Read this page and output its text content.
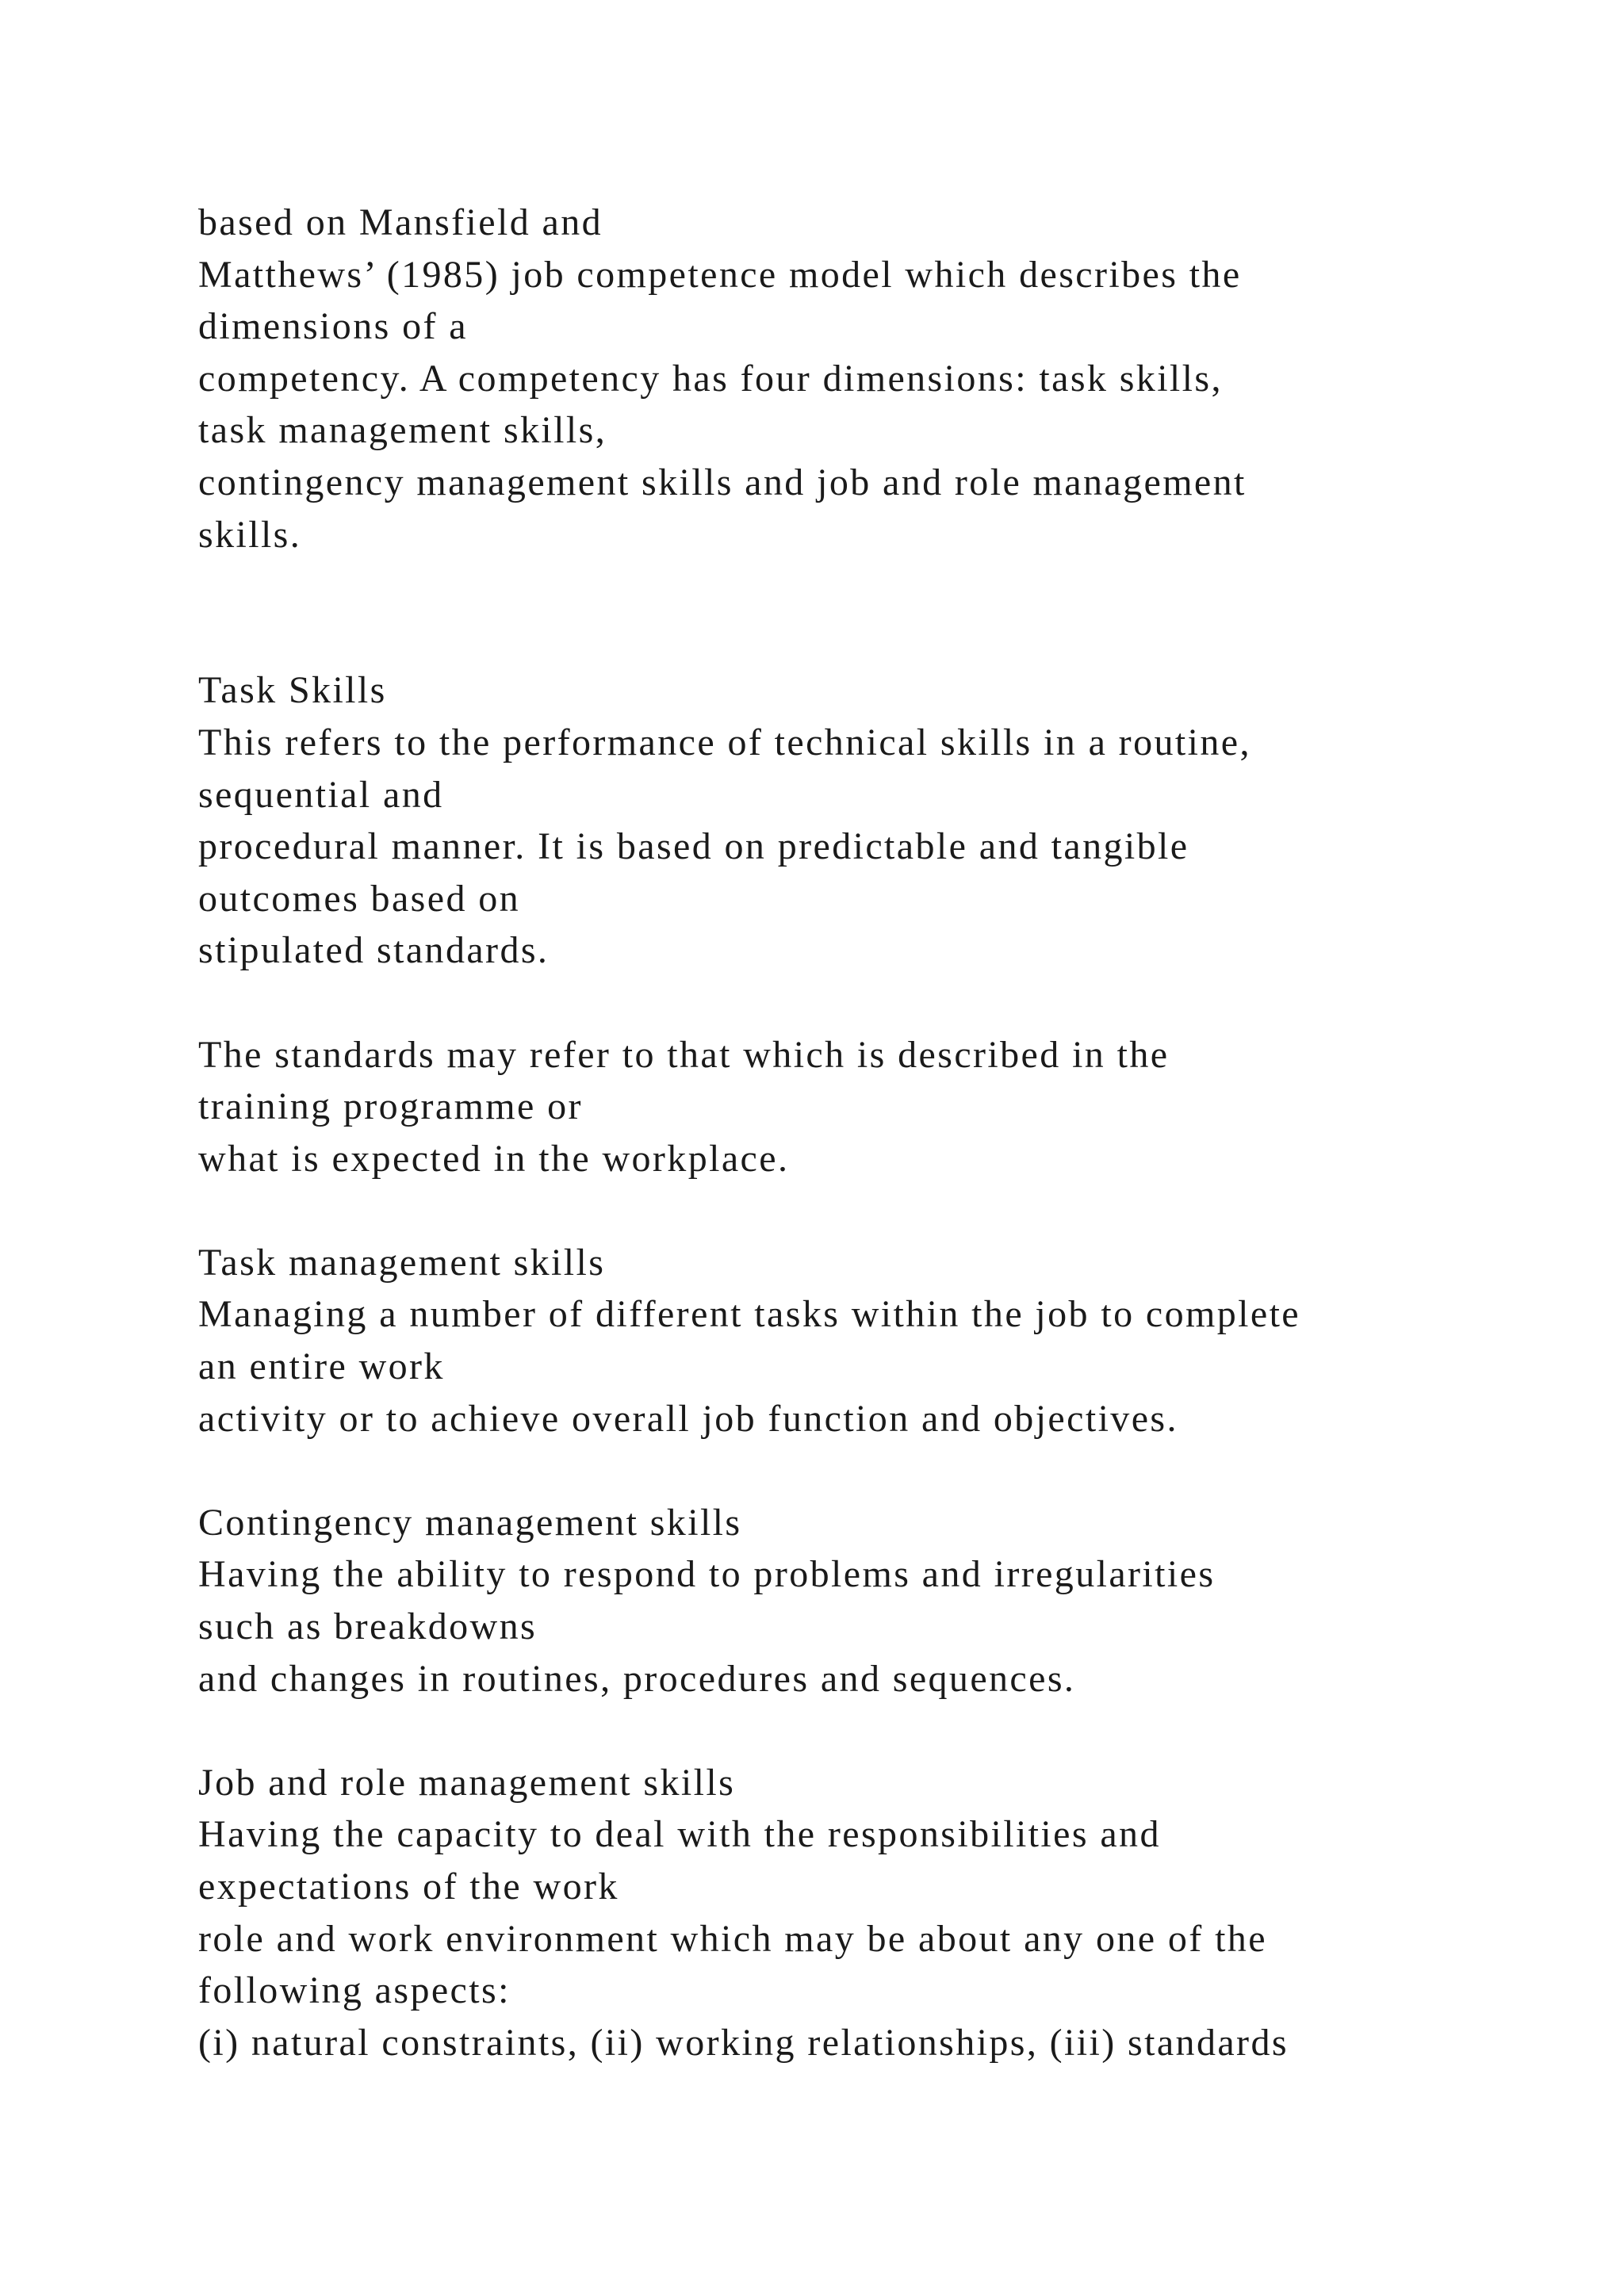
based on Mansfield and
Matthews’ (1985) job competence model which describes the
dimensions of a
competency. A competency has four dimensions: task skills,
task management skills,
contingency management skills and job and role management
skills.
Task Skills
This refers to the performance of technical skills in a routine,
sequential and
procedural manner. It is based on predictable and tangible
outcomes based on
stipulated standards.
The standards may refer to that which is described in the
training programme or
what is expected in the workplace.
Task management skills
Managing a number of different tasks within the job to complete
an entire work
activity or to achieve overall job function and objectives.
Contingency management skills
Having the ability to respond to problems and irregularities
such as breakdowns
and changes in routines, procedures and sequences.
Job and role management skills
Having the capacity to deal with the responsibilities and
expectations of the work
role and work environment which may be about any one of the
following aspects:
(i) natural constraints, (ii) working relationships, (iii) standards
